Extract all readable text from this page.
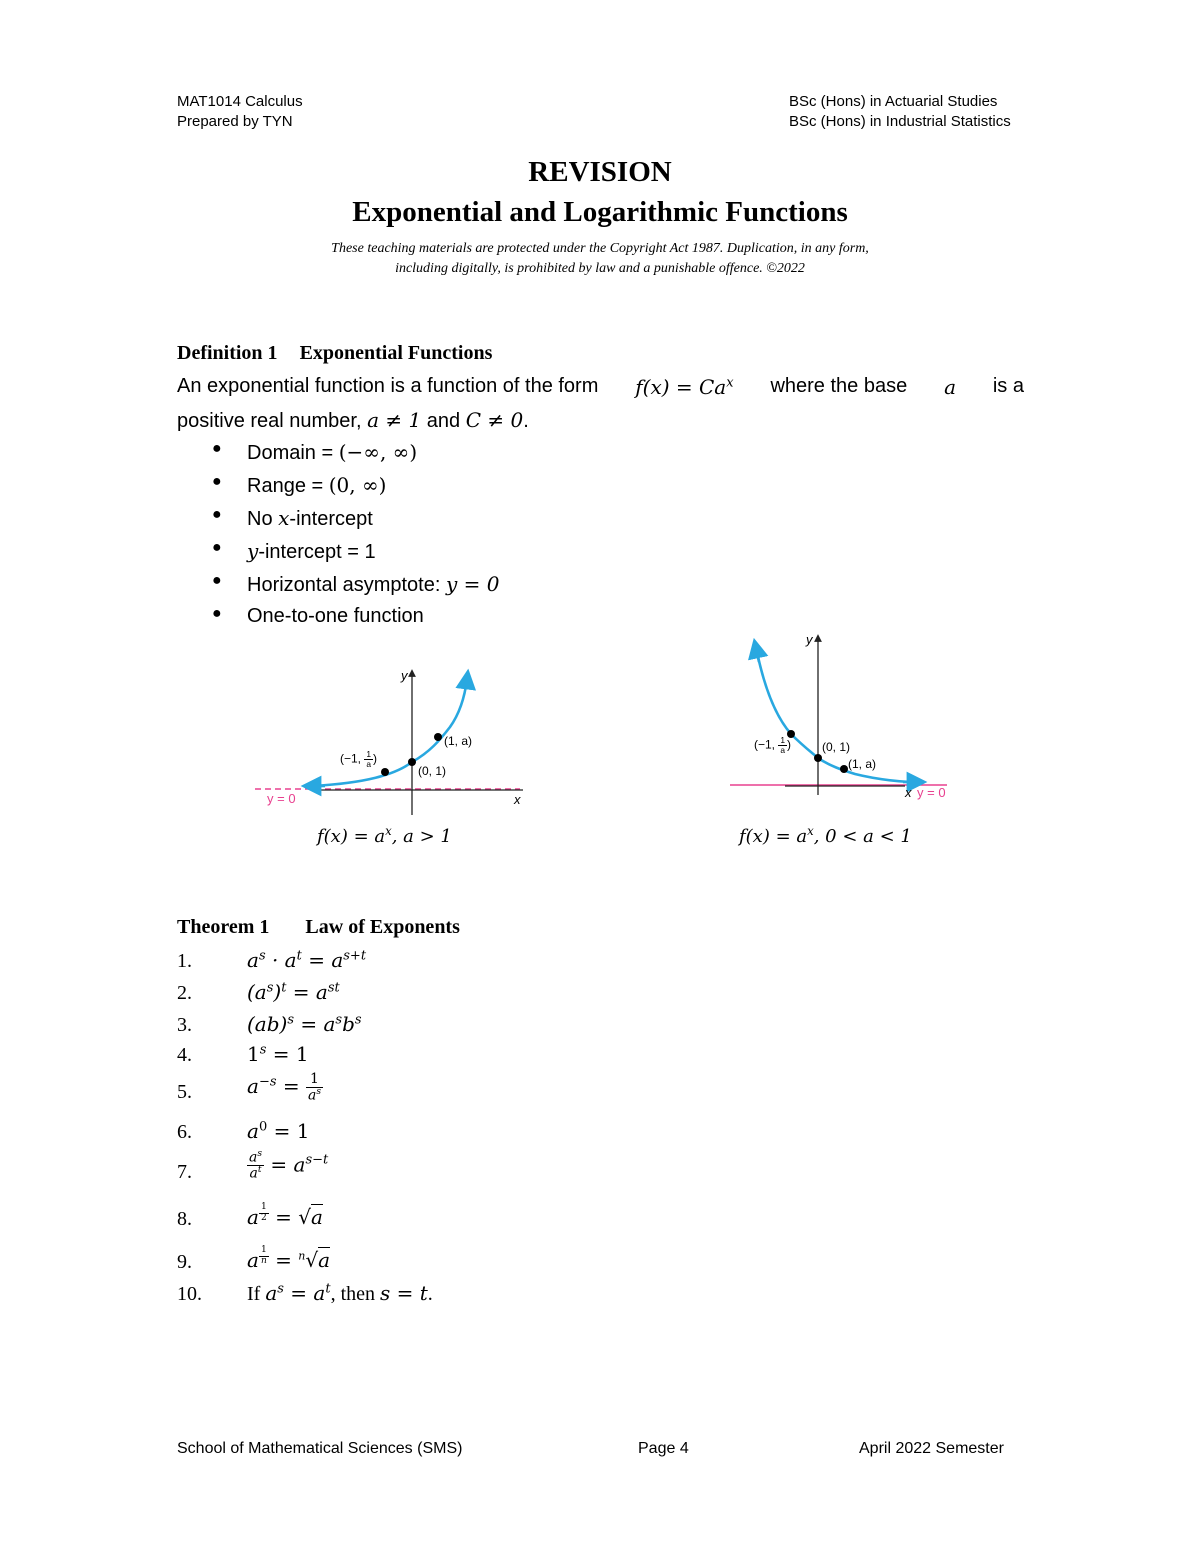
MAT1014 Calculus
Prepared by TYN
BSc (Hons) in Actuarial Studies
BSc (Hons) in Industrial Statistics
REVISION
Exponential and Logarithmic Functions
These teaching materials are protected under the Copyright Act 1987. Duplication, in any form,
including digitally, is prohibited by law and a punishable offence. ©2022
Definition 1 Exponential Functions
An exponential function is a function of the form $f(x) = Ca^x$ where the base a is a
positive real number, a ≠ 1 and C ≠ 0.
● Domain = (−∞, ∞)
● Range = (0, ∞)
● No x-intercept
● y-intercept = 1
● Horizontal asymptote: y = 0
● One-to-one function
y
x
y = 0
(−1, $\frac{1}{a}$ )
(0, 1)
(1, a)
$f(x) = a^x$, a > 1
y
x y = 0
(−1, $\frac{1}{a}$ )	(0, 1)
(1, a)
$f(x) = a^x$, 0 < a < 1
Theorem 1 Law of Exponents
1.	$a^s \cdot a^t = a^{s+t}$
2.	$(a^s)^t = a^{st}$
3.	$(ab)^s = a^sb^s$
4.	$1^s = 1$
5.	$a^{-s} = \frac{1}{a^s}$
6.	$a^0 = 1$
7.	$\frac{a^s}{a^t} = a^{s-t}$
8.	a $^{\frac{1}{2}}$ = √a
9.	a $^{\frac{1}{n}}$ = $^n$√a
10. If $a^s = a^t$, then s = t.
School of Mathematical Sciences (SMS)	Page 4	April 2022 Semester
